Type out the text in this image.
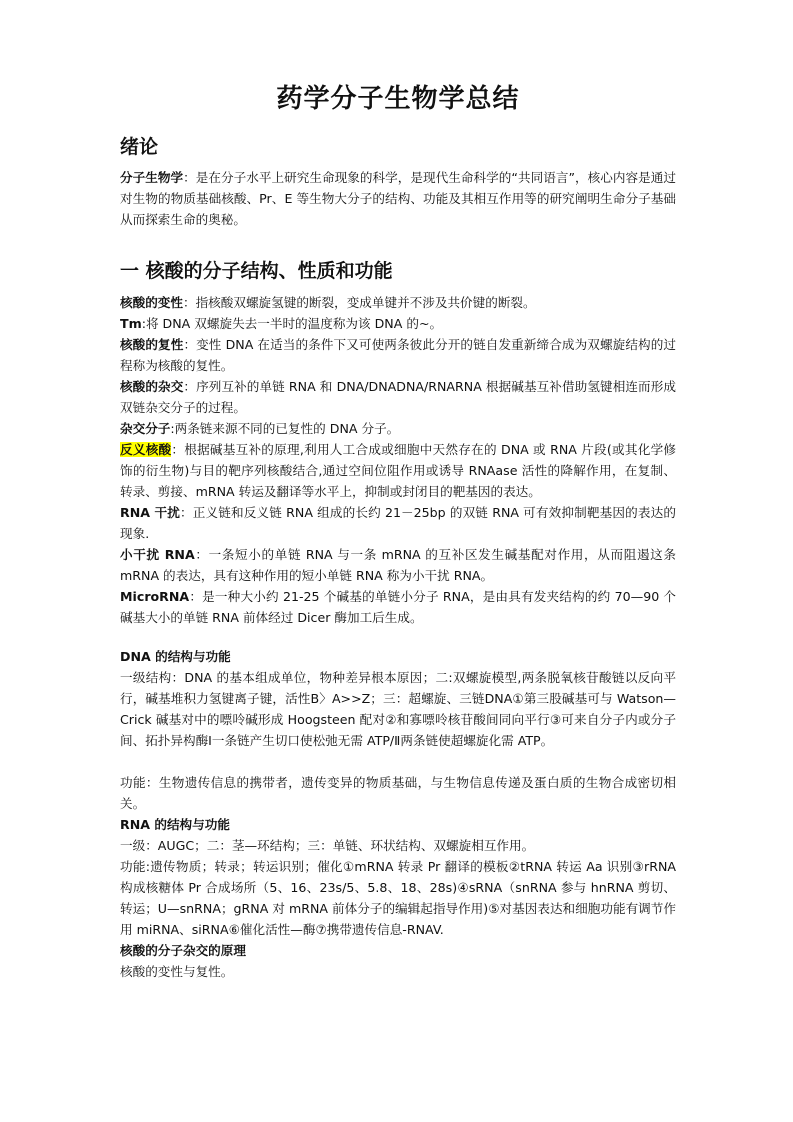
药学分子生物学总结
绪论

分子生物学：是在分子水平上研究生命现象的科学，是现代生命科学的“共同语言”，核心内容是通过对生物的物质基础核酸、Pr、E 等生物大分子的结构、功能及其相互作用等的研究阐明生命分子基础从而探索生命的奥秘。

一 核酸的分子结构、性质和功能

核酸的变性：指核酸双螺旋氢键的断裂，变成单键并不涉及共价键的断裂。

Tm:将 DNA 双螺旋失去一半时的温度称为该 DNA 的~。

核酸的复性：变性 DNA 在适当的条件下又可使两条彼此分开的链自发重新缔合成为双螺旋结构的过程称为核酸的复性。

核酸的杂交：序列互补的单链 RNA 和 DNA/DNADNA/RNARNA 根据碱基互补借助氢键相连而形成双链杂交分子的过程。

杂交分子:两条链来源不同的已复性的 DNA 分子。

反义核酸：根据碱基互补的原理,利用人工合成或细胞中天然存在的 DNA 或 RNA 片段(或其化学修饰的衍生物)与目的靶序列核酸结合,通过空间位阻作用或诱导 RNAase 活性的降解作用，在复制、转录、剪接、mRNA 转运及翻译等水平上，抑制或封闭目的靶基因的表达。

RNA 干扰：正义链和反义链 RNA 组成的长约 21－25bp 的双链 RNA 可有效抑制靶基因的表达的现象.

小干扰 RNA：一条短小的单链 RNA 与一条 mRNA 的互补区发生碱基配对作用，从而阻遏这条 mRNA 的表达，具有这种作用的短小单链 RNA 称为小干扰 RNA。

MicroRNA：是一种大小约 21-25 个碱基的单链小分子 RNA，是由具有发夹结构的约 70—90 个碱基大小的单链 RNA 前体经过 Dicer 酶加工后生成。

DNA 的结构与功能

一级结构：DNA 的基本组成单位，物种差异根本原因；二:双螺旋模型,两条脱氧核苷酸链以反向平行，碱基堆积力氢键离子键，活性B〉A>>Z；三：超螺旋、三链DNA①第三股碱基可与 Watson—Crick 碱基对中的嘌呤碱形成 Hoogsteen 配对②和寡嘌呤核苷酸间同向平行③可来自分子内或分子间、拓扑异构酶Ⅰ一条链产生切口使松弛无需 ATP/Ⅱ两条链使超螺旋化需 ATP。

功能：生物遗传信息的携带者，遗传变异的物质基础，与生物信息传递及蛋白质的生物合成密切相关。

RNA 的结构与功能

一级：AUGC；二：茎—环结构；三：单链、环状结构、双螺旋相互作用。

功能:遗传物质；转录；转运识别；催化①mRNA 转录 Pr 翻译的模板②tRNA 转运 Aa 识别③rRNA 构成核糖体 Pr 合成场所（5、16、23s/5、5.8、18、28s)④sRNA（snRNA 参与 hnRNA 剪切、转运；U—snRNA；gRNA 对 mRNA 前体分子的编辑起指导作用)⑤对基因表达和细胞功能有调节作用 miRNA、siRNA⑥催化活性—酶⑦携带遗传信息-RNAV.

核酸的分子杂交的原理

核酸的变性与复性。
